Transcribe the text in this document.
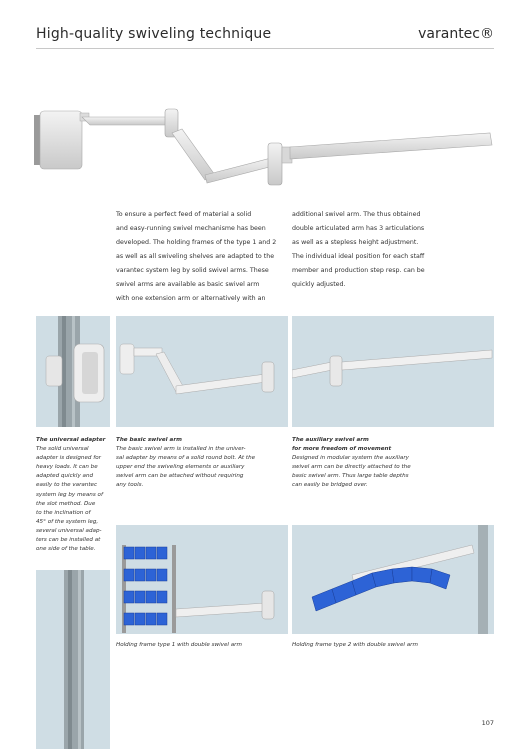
High-quality swiveling technique	varantec®

To ensure a perfect feed of material a solid
and easy-running swivel mechanisme has been
developed. The holding frames of the type 1 and 2
as well as all swiveling shelves are adapted to the
varantec system leg by solid swivel arms. These
swivel arms are available as basic swivel arm
with one extension arm or alternatively with an

additional swivel arm. The thus obtained
double articulated arm has 3 articulations
as well as a stepless height adjustment.
The individual ideal position for each staff
member and production step resp. can be
quickly adjusted.

The universal adapter
The solid universal
adapter is designed for
heavy loads. It can be
adapted quickly and
easily to the varantec
system leg by means of
the slot method. Due
to the inclination of
45° of the system leg,
several universal adap-
ters can be installed at
one side of the table.
The basic swivel arm
The basic swivel arm is installed in the univer-
sal adapter by means of a solid round bolt. At the
upper end the swiveling elements or auxiliary
swivel arm can be attached without requiring
any tools.
The auxiliary swivel arm
for more freedom of movement
Designed in modular system the auxiliary
swivel arm can be directly attached to the
basic swivel arm. Thus large table depths
can easily be bridged over.
Holding frame type 1 with double swivel arm	Holding frame type 2 with double swivel arm
107
